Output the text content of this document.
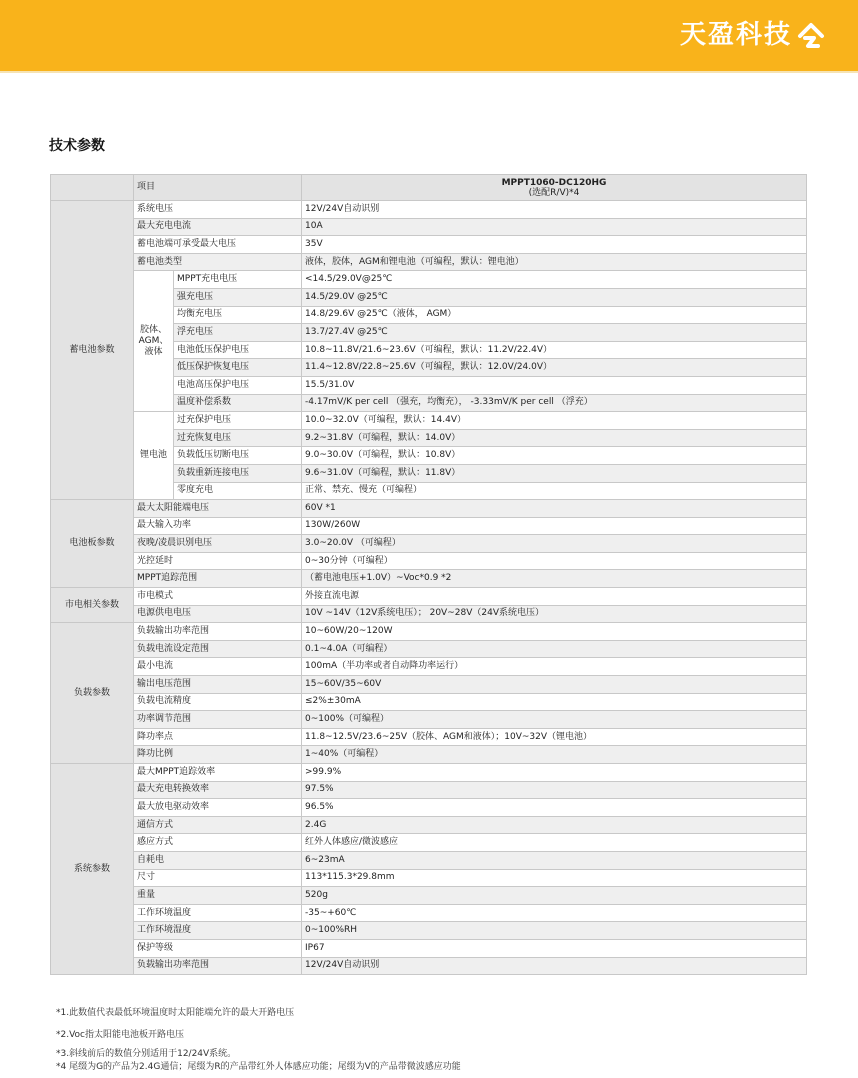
天盈科技
技术参数
	项目		MPPT1060-DC120HG
(选配R/V)*4

蓄电池参数	系统电压		12V/24V自动识别
	最大充电电流		10A
	蓄电池端可承受最大电压		35V
	蓄电池类型		液体，胶体，AGM和锂电池（可编程，默认：锂电池）
	胶体、AGM、液体	MPPT充电电压	<14.5/29.0V@25℃
		强充电压	14.5/29.0V @25℃
		均衡充电压	14.8/29.6V @25℃（液体， AGM）
		浮充电压	13.7/27.4V @25℃
		电池低压保护电压	10.8~11.8V/21.6~23.6V（可编程，默认：11.2V/22.4V）
		低压保护恢复电压	11.4~12.8V/22.8~25.6V（可编程，默认：12.0V/24.0V）
		电池高压保护电压	15.5/31.0V
		温度补偿系数	-4.17mV/K per cell （强充，均衡充）， -3.33mV/K per cell （浮充）
	锂电池	过充保护电压	10.0~32.0V（可编程，默认：14.4V）
		过充恢复电压	9.2~31.8V（可编程，默认：14.0V）
		负载低压切断电压	9.0~30.0V（可编程，默认：10.8V）
		负载重新连接电压	9.6~31.0V（可编程，默认：11.8V）
		零度充电	正常、禁充、慢充（可编程）
电池板参数	最大太阳能端电压		60V *1
	最大输入功率		130W/260W
	夜晚/凌晨识别电压		3.0~20.0V （可编程）
	光控延时		0~30分钟（可编程）
	MPPT追踪范围		（蓄电池电压+1.0V）~Voc*0.9 *2
市电相关参数	市电模式		外接直流电源
	电源供电电压		10V ~14V（12V系统电压）； 20V~28V（24V系统电压）
负载参数	负载输出功率范围		10~60W/20~120W
	负载电流设定范围		0.1~4.0A（可编程）
	最小电流		100mA（半功率或者自动降功率运行）
	输出电压范围		15~60V/35~60V
	负载电流精度		≤2%±30mA
	功率调节范围		0~100%（可编程）
	降功率点		11.8~12.5V/23.6~25V（胶体、AGM和液体）；10V~32V（锂电池）
	降功比例		1~40%（可编程）
系统参数	最大MPPT追踪效率		>99.9%
	最大充电转换效率		97.5%
	最大放电驱动效率		96.5%
	通信方式		2.4G
	感应方式		红外人体感应/微波感应
	自耗电		6~23mA
	尺寸		113*115.3*29.8mm
	重量		520g
	工作环境温度		-35~+60℃
	工作环境湿度		0~100%RH
	保护等级		IP67
	负载输出功率范围		12V/24V自动识别
*1.此数值代表最低环境温度时太阳能端允许的最大开路电压
*2.Voc指太阳能电池板开路电压
*3.斜线前后的数值分别适用于12/24V系统。
*4 尾缀为G的产品为2.4G通信；尾缀为R的产品带红外人体感应功能；尾缀为V的产品带微波感应功能
